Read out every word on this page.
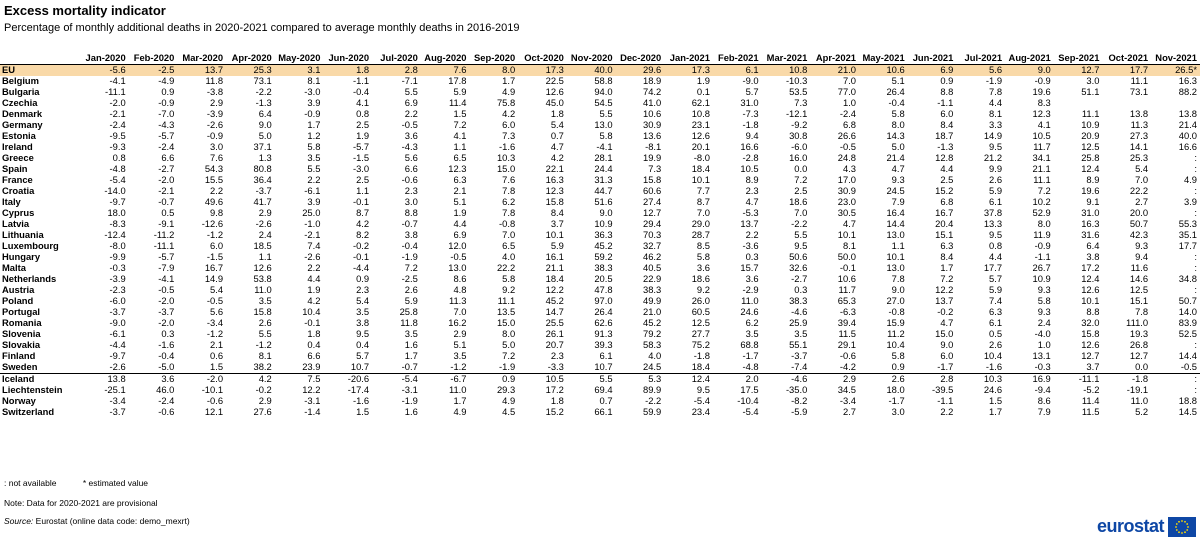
Excess mortality indicator
Percentage of monthly additional deaths in 2020-2021 compared to average monthly deaths in 2016-2019
	Jan-2020	Feb-2020	Mar-2020	Apr-2020	May-2020	Jun-2020	Jul-2020	Aug-2020	Sep-2020	Oct-2020	Nov-2020	Dec-2020	Jan-2021	Feb-2021	Mar-2021	Apr-2021	May-2021	Jun-2021	Jul-2021	Aug-2021	Sep-2021	Oct-2021	Nov-2021
EU	-5.6	-2.5	13.7	25.3	3.1	1.8	2.8	7.6	8.0	17.3	40.0	29.6	17.3	6.1	10.8	21.0	10.6	6.9	5.6	9.0	12.7	17.7	26.5*
Belgium	-4.1	-4.9	11.8	73.1	8.1	-1.1	-7.1	17.8	1.7	22.5	58.8	18.9	1.9	-9.0	-10.3	7.0	5.1	0.9	-1.9	-0.9	3.0	11.1	16.3
Bulgaria	-11.1	0.9	-3.8	-2.2	-3.0	-0.4	5.5	5.9	4.9	12.6	94.0	74.2	0.1	5.7	53.5	77.0	26.4	8.8	7.8	19.6	51.1	73.1	88.2
Czechia	-2.0	-0.9	2.9	-1.3	3.9	4.1	6.9	11.4	75.8	45.0	54.5	41.0	62.1	31.0	7.3	1.0	-0.4	-1.1	4.4	8.3			
Denmark	-2.1	-7.0	-3.9	6.4	-0.9	0.8	2.2	1.5	4.2	1.8	5.5	10.6	10.8	-7.3	-12.1	-2.4	5.8	6.0	8.1	12.3	11.1	13.8	13.8
Germany	-2.4	-4.3	-2.6	9.0	1.7	2.5	-0.5	7.2	6.0	5.4	13.0	30.9	23.1	-1.8	-9.2	6.8	8.0	8.4	3.3	4.1	10.9	11.3	21.4
Estonia	-9.5	-5.7	-0.9	5.0	1.2	1.9	3.6	4.1	7.3	0.7	5.8	13.6	12.6	9.4	30.8	26.6	14.3	18.7	14.9	10.5	20.9	27.3	40.0
Ireland	-9.3	-2.4	3.0	37.1	5.8	-5.7	-4.3	1.1	-1.6	4.7	-4.1	-8.1	20.1	16.6	-6.0	-0.5	5.0	-1.3	9.5	11.7	12.5	14.1	16.6
Greece	0.8	6.6	7.6	1.3	3.5	-1.5	5.6	6.5	10.3	4.2	28.1	19.9	-8.0	-2.8	16.0	24.8	21.4	12.8	21.2	34.1	25.8	25.3	:
Spain	-4.8	-2.7	54.3	80.8	5.5	-3.0	6.6	12.3	15.0	22.1	24.4	7.3	18.4	10.5	0.0	4.3	4.7	4.4	9.9	21.1	12.4	5.4	:
France	-5.4	-2.0	15.5	36.4	2.2	2.5	-0.6	6.3	7.6	16.3	31.3	15.8	10.1	8.9	7.2	17.0	9.3	2.5	2.6	11.1	8.9	7.0	4.9
Croatia	-14.0	-2.1	2.2	-3.7	-6.1	1.1	2.3	2.1	7.8	12.3	44.7	60.6	7.7	2.3	2.5	30.9	24.5	15.2	5.9	7.2	19.6	22.2	:
Italy	-9.7	-0.7	49.6	41.7	3.9	-0.1	3.0	5.1	6.2	15.8	51.6	27.4	8.7	4.7	18.6	23.0	7.9	6.8	6.1	10.2	9.1	2.7	3.9
Cyprus	18.0	0.5	9.8	2.9	25.0	8.7	8.8	1.9	7.8	8.4	9.0	12.7	7.0	-5.3	7.0	30.5	16.4	16.7	37.8	52.9	31.0	20.0	:
Latvia	-8.3	-9.1	-12.6	-2.6	-1.0	4.2	-0.7	4.4	-0.8	3.7	10.9	29.4	29.0	13.7	-2.2	4.7	14.4	20.4	13.3	8.0	16.3	50.7	55.3
Lithuania	-12.4	-11.2	-1.2	2.4	-2.1	8.2	3.8	6.9	7.0	10.1	36.3	70.3	28.7	2.2	5.5	10.1	13.0	15.1	9.5	11.9	31.6	42.3	35.1
Luxembourg	-8.0	-11.1	6.0	18.5	7.4	-0.2	-0.4	12.0	6.5	5.9	45.2	32.7	8.5	-3.6	9.5	8.1	1.1	6.3	0.8	-0.9	6.4	9.3	17.7
Hungary	-9.9	-5.7	-1.5	1.1	-2.6	-0.1	-1.9	-0.5	4.0	16.1	59.2	46.2	5.8	0.3	50.6	50.0	10.1	8.4	4.4	-1.1	3.8	9.4	:
Malta	-0.3	-7.9	16.7	12.6	2.2	-4.4	7.2	13.0	22.2	21.1	38.3	40.5	3.6	15.7	32.6	-0.1	13.0	1.7	17.7	26.7	17.2	11.6	:
Netherlands	-3.9	-4.1	14.9	53.8	4.4	0.9	-2.5	8.6	5.8	18.4	20.5	22.9	18.6	3.6	-2.7	10.6	7.8	7.2	5.7	10.9	12.4	14.6	34.8
Austria	-2.3	-0.5	5.4	11.0	1.9	2.3	2.6	4.8	9.2	12.2	47.8	38.3	9.2	-2.9	0.3	11.7	9.0	12.2	5.9	9.3	12.6	12.5	:
Poland	-6.0	-2.0	-0.5	3.5	4.2	5.4	5.9	11.3	11.1	45.2	97.0	49.9	26.0	11.0	38.3	65.3	27.0	13.7	7.4	5.8	10.1	15.1	50.7
Portugal	-3.7	-3.7	5.6	15.8	10.4	3.5	25.8	7.0	13.5	14.7	26.4	21.0	60.5	24.6	-4.6	-6.3	-0.8	-0.2	6.3	9.3	8.8	7.8	14.0
Romania	-9.0	-2.0	-3.4	2.6	-0.1	3.8	11.8	16.2	15.0	25.5	62.6	45.2	12.5	6.2	25.9	39.4	15.9	4.7	6.1	2.4	32.0	111.0	83.9
Slovenia	-6.1	0.3	-1.2	5.5	1.8	9.5	3.5	2.9	8.0	26.1	91.3	79.2	27.7	3.5	3.5	11.5	11.2	15.0	0.5	-4.0	15.8	19.3	52.5
Slovakia	-4.4	-1.6	2.1	-1.2	0.4	0.4	1.6	5.1	5.0	20.7	39.3	58.3	75.2	68.8	55.1	29.1	10.4	9.0	2.6	1.0	12.6	26.8	:
Finland	-9.7	-0.4	0.6	8.1	6.6	5.7	1.7	3.5	7.2	2.3	6.1	4.0	-1.8	-1.7	-3.7	-0.6	5.8	6.0	10.4	13.1	12.7	12.7	14.4
Sweden	-2.6	-5.0	1.5	38.2	23.9	10.7	-0.7	-1.2	-1.9	-3.3	10.7	24.5	18.4	-4.8	-7.4	-4.2	0.9	-1.7	-1.6	-0.3	3.7	0.0	-0.5
Iceland	13.8	3.6	-2.0	4.2	7.5	-20.6	-5.4	-6.7	0.9	10.5	5.5	5.3	12.4	2.0	-4.6	2.9	2.6	2.8	10.3	16.9	-11.1	-1.8	:
Liechtenstein	-25.1	46.0	-10.1	-0.2	12.2	-17.4	-3.1	11.0	29.3	17.2	69.4	89.9	9.5	17.5	-35.0	34.5	18.0	-39.5	24.6	-9.4	-5.2	-19.1	:
Norway	-3.4	-2.4	-0.6	2.9	-3.1	-1.6	-1.9	1.7	4.9	1.8	0.7	-2.2	-5.4	-10.4	-8.2	-3.4	-1.7	-1.1	1.5	8.6	11.4	11.0	18.8
Switzerland	-3.7	-0.6	12.1	27.6	-1.4	1.5	1.6	4.9	4.5	15.2	66.1	59.9	23.4	-5.4	-5.9	2.7	3.0	2.2	1.7	7.9	11.5	5.2	14.5
: not available	* estimated value
Note: Data for 2020-2021 are provisional
Source: Eurostat (online data code: demo_mexrt)	eurostat
